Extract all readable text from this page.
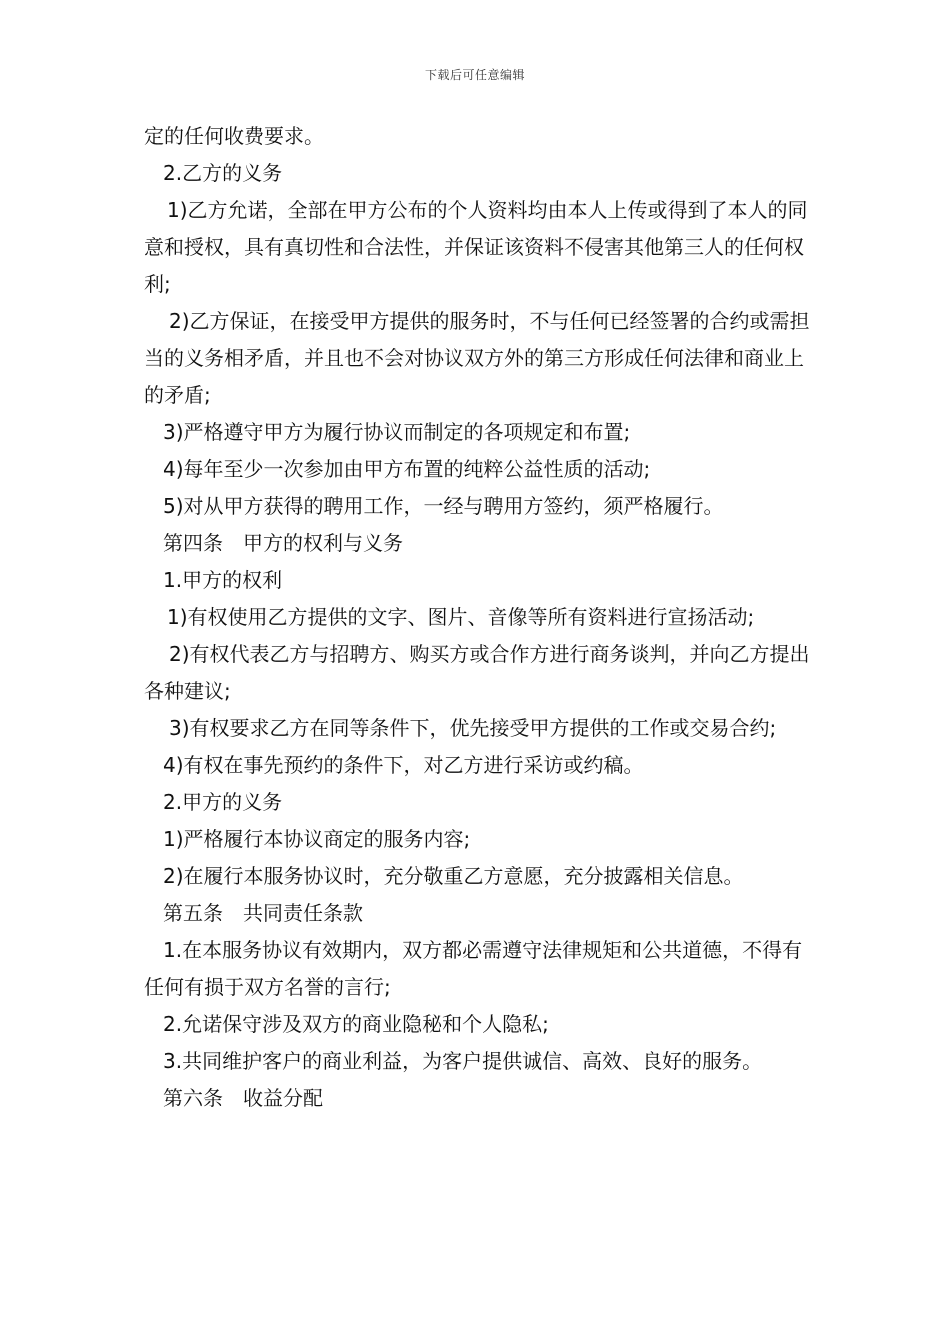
下载后可任意编辑

定的任何收费要求。

2.乙方的义务

1)乙方允诺，全部在甲方公布的个人资料均由本人上传或得到了本人的同意和授权，具有真切性和合法性，并保证该资料不侵害其他第三人的任何权利;

2)乙方保证，在接受甲方提供的服务时，不与任何已经签署的合约或需担当的义务相矛盾，并且也不会对协议双方外的第三方形成任何法律和商业上的矛盾;

3)严格遵守甲方为履行协议而制定的各项规定和布置;

4)每年至少一次参加由甲方布置的纯粹公益性质的活动;

5)对从甲方获得的聘用工作，一经与聘用方签约，须严格履行。

第四条　甲方的权利与义务

1.甲方的权利

1)有权使用乙方提供的文字、图片、音像等所有资料进行宣扬活动;

2)有权代表乙方与招聘方、购买方或合作方进行商务谈判，并向乙方提出各种建议;

3)有权要求乙方在同等条件下，优先接受甲方提供的工作或交易合约;

4)有权在事先预约的条件下，对乙方进行采访或约稿。

2.甲方的义务

1)严格履行本协议商定的服务内容;

2)在履行本服务协议时，充分敬重乙方意愿，充分披露相关信息。

第五条　共同责任条款

1.在本服务协议有效期内，双方都必需遵守法律规矩和公共道德，不得有任何有损于双方名誉的言行;

2.允诺保守涉及双方的商业隐秘和个人隐私;

3.共同维护客户的商业利益，为客户提供诚信、高效、良好的服务。

第六条　收益分配
